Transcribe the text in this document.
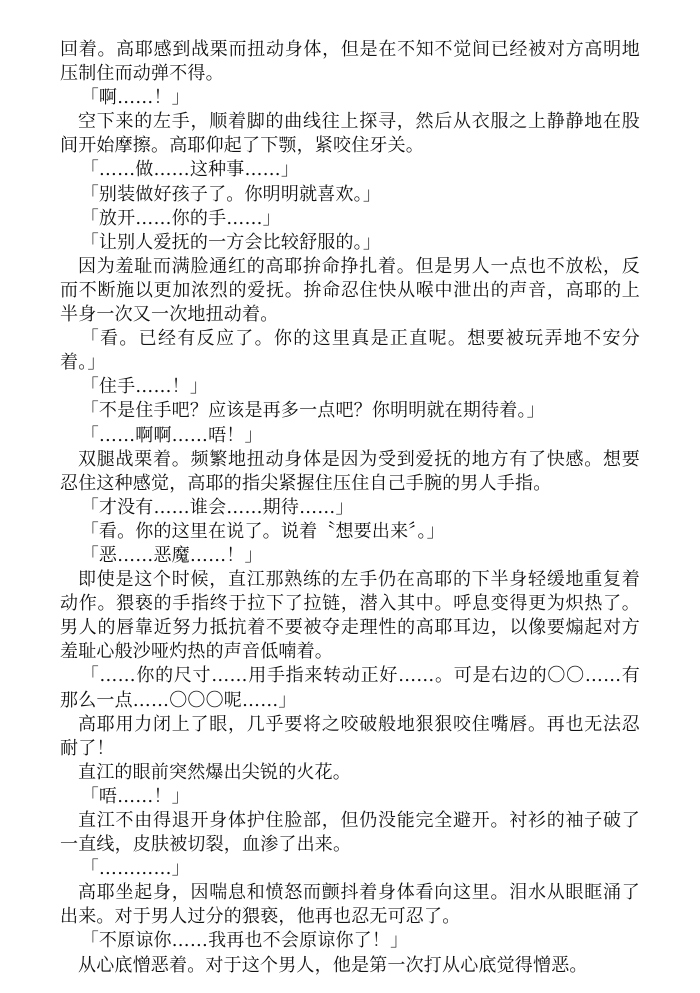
回着。高耶感到战栗而扭动身体，但是在不知不觉间已经被对方高明地压制住而动弹不得。

「啊……！」

空下来的左手，顺着脚的曲线往上探寻，然后从衣服之上静静地在股间开始摩擦。高耶仰起了下颚，紧咬住牙关。

「……做……这种事……」

「别装做好孩子了。你明明就喜欢。」

「放开……你的手……」

「让别人爱抚的一方会比较舒服的。」

因为羞耻而满脸通红的高耶拚命挣扎着。但是男人一点也不放松，反而不断施以更加浓烈的爱抚。拚命忍住快从喉中泄出的声音，高耶的上半身一次又一次地扭动着。

「看。已经有反应了。你的这里真是正直呢。想要被玩弄地不安分着。」

「住手……！」

「不是住手吧？应该是再多一点吧？你明明就在期待着。」

「……啊啊……唔！」

双腿战栗着。频繁地扭动身体是因为受到爱抚的地方有了快感。想要忍住这种感觉，高耶的指尖紧握住压住自己手腕的男人手指。

「才没有……谁会……期待……」

「看。你的这里在说了。说着〝想要出来〞。」

「恶……恶魔……！」

即使是这个时候，直江那熟练的左手仍在高耶的下半身轻缓地重复着动作。猥亵的手指终于拉下了拉链，潜入其中。呼息变得更为炽热了。男人的唇靠近努力抵抗着不要被夺走理性的高耶耳边，以像要煽起对方羞耻心般沙哑灼热的声音低喃着。

「……你的尺寸……用手指来转动正好……。可是右边的〇〇……有那么一点……〇〇〇呢……」

高耶用力闭上了眼，几乎要将之咬破般地狠狠咬住嘴唇。再也无法忍耐了！

直江的眼前突然爆出尖锐的火花。

「唔……！」

直江不由得退开身体护住脸部，但仍没能完全避开。衬衫的袖子破了一直线，皮肤被切裂，血渗了出来。

「…………」

高耶坐起身，因喘息和愤怒而颤抖着身体看向这里。泪水从眼眶涌了出来。对于男人过分的猥亵，他再也忍无可忍了。

「不原谅你……我再也不会原谅你了！」

从心底憎恶着。对于这个男人，他是第一次打从心底觉得憎恶。
